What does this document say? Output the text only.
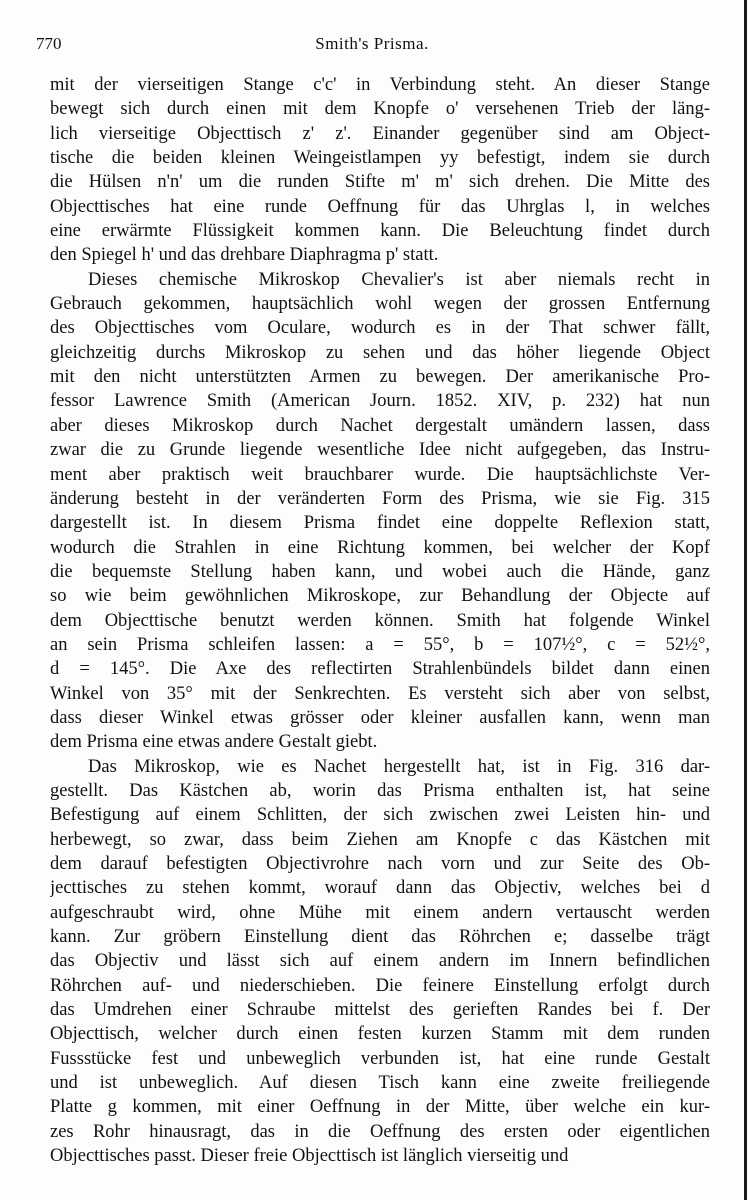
770	Smith's Prisma.

mit der vierseitigen Stange c'c' in Verbindung steht. An dieser Stange

bewegt sich durch einen mit dem Knopfe o' versehenen Trieb der läng-

lich vierseitige Objecttisch z' z'. Einander gegenüber sind am Object-

tische die beiden kleinen Weingeistlampen yy befestigt, indem sie durch

die Hülsen n'n' um die runden Stifte m' m' sich drehen. Die Mitte des

Objecttisches hat eine runde Oeffnung für das Uhrglas l, in welches

eine erwärmte Flüssigkeit kommen kann. Die Beleuchtung findet durch

den Spiegel h' und das drehbare Diaphragma p' statt.

Dieses chemische Mikroskop Chevalier's ist aber niemals recht in

Gebrauch gekommen, hauptsächlich wohl wegen der grossen Entfernung

des Objecttisches vom Oculare, wodurch es in der That schwer fällt,

gleichzeitig durchs Mikroskop zu sehen und das höher liegende Object

mit den nicht unterstützten Armen zu bewegen. Der amerikanische Pro-

fessor Lawrence Smith (American Journ. 1852. XIV, p. 232) hat nun

aber dieses Mikroskop durch Nachet dergestalt umändern lassen, dass

zwar die zu Grunde liegende wesentliche Idee nicht aufgegeben, das Instru-

ment aber praktisch weit brauchbarer wurde. Die hauptsächlichste Ver-

änderung besteht in der veränderten Form des Prisma, wie sie Fig. 315

dargestellt ist. In diesem Prisma findet eine doppelte Reflexion statt,

wodurch die Strahlen in eine Richtung kommen, bei welcher der Kopf

die bequemste Stellung haben kann, und wobei auch die Hände, ganz

so wie beim gewöhnlichen Mikroskope, zur Behandlung der Objecte auf

dem Objecttische benutzt werden können. Smith hat folgende Winkel

an sein Prisma schleifen lassen: a = 55°, b = 107½°, c = 52½°,

d = 145°. Die Axe des reflectirten Strahlenbündels bildet dann einen

Winkel von 35° mit der Senkrechten. Es versteht sich aber von selbst,

dass dieser Winkel etwas grösser oder kleiner ausfallen kann, wenn man

dem Prisma eine etwas andere Gestalt giebt.

Das Mikroskop, wie es Nachet hergestellt hat, ist in Fig. 316 dar-

gestellt. Das Kästchen ab, worin das Prisma enthalten ist, hat seine

Befestigung auf einem Schlitten, der sich zwischen zwei Leisten hin- und

herbewegt, so zwar, dass beim Ziehen am Knopfe c das Kästchen mit

dem darauf befestigten Objectivrohre nach vorn und zur Seite des Ob-

jecttisches zu stehen kommt, worauf dann das Objectiv, welches bei d

aufgeschraubt wird, ohne Mühe mit einem andern vertauscht werden

kann. Zur gröbern Einstellung dient das Röhrchen e; dasselbe trägt

das Objectiv und lässt sich auf einem andern im Innern befindlichen

Röhrchen auf- und niederschieben. Die feinere Einstellung erfolgt durch

das Umdrehen einer Schraube mittelst des gerieften Randes bei f. Der

Objecttisch, welcher durch einen festen kurzen Stamm mit dem runden

Fussstücke fest und unbeweglich verbunden ist, hat eine runde Gestalt

und ist unbeweglich. Auf diesen Tisch kann eine zweite freiliegende

Platte g kommen, mit einer Oeffnung in der Mitte, über welche ein kur-

zes Rohr hinausragt, das in die Oeffnung des ersten oder eigentlichen

Objecttisches passt. Dieser freie Objecttisch ist länglich vierseitig und
